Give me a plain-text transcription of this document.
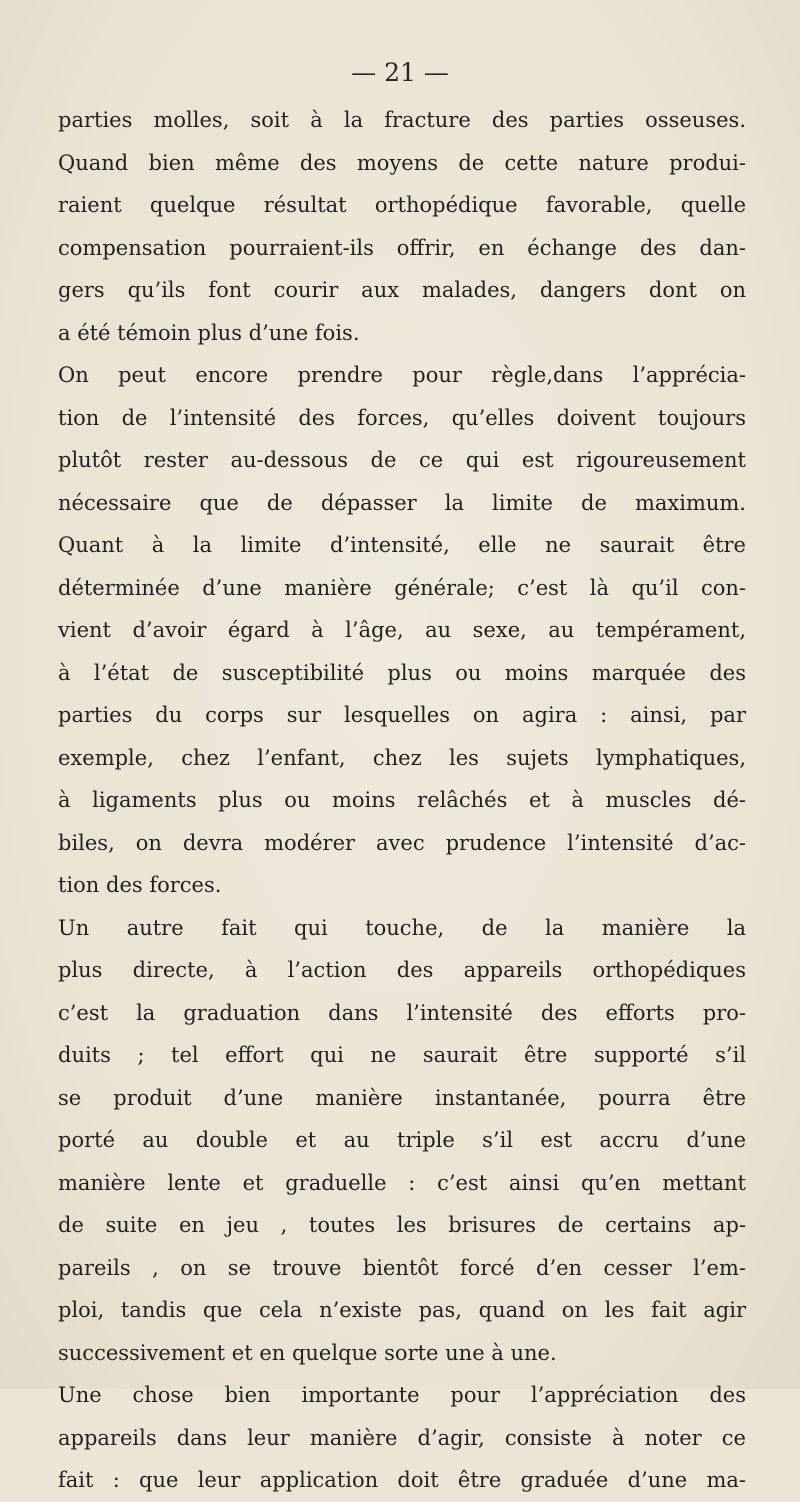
— 21 —
parties molles, soit à la fracture des parties osseuses.
Quand bien même des moyens de cette nature produi-
raient quelque résultat orthopédique favorable, quelle
compensation pourraient-ils offrir, en échange des dan-
gers qu’ils font courir aux malades, dangers dont on
a été témoin plus d’une fois.
On peut encore prendre pour règle,dans l’apprécia-
tion de l’intensité des forces, qu’elles doivent toujours
plutôt rester au-dessous de ce qui est rigoureusement
nécessaire que de dépasser la limite de maximum.
Quant à la limite d’intensité, elle ne saurait être
déterminée d’une manière générale; c’est là qu’il con-
vient d’avoir égard à l’âge, au sexe, au tempérament,
à l’état de susceptibilité plus ou moins marquée des
parties du corps sur lesquelles on agira : ainsi, par
exemple, chez l’enfant, chez les sujets lymphatiques,
à ligaments plus ou moins relâchés et à muscles dé-
biles, on devra modérer avec prudence l’intensité d’ac-
tion des forces.
Un autre fait qui touche, de la manière la
plus directe, à l’action des appareils orthopédiques
c’est la graduation dans l’intensité des efforts pro-
duits ; tel effort qui ne saurait être supporté s’il
se produit d’une manière instantanée, pourra être
porté au double et au triple s’il est accru d’une
manière lente et graduelle : c’est ainsi qu’en mettant
de suite en jeu , toutes les brisures de certains ap-
pareils , on se trouve bientôt forcé d’en cesser l’em-
ploi, tandis que cela n’existe pas, quand on les fait agir
successivement et en quelque sorte une à une.
Une chose bien importante pour l’appréciation des
appareils dans leur manière d’agir, consiste à noter ce
fait : que leur application doit être graduée d’une ma-
